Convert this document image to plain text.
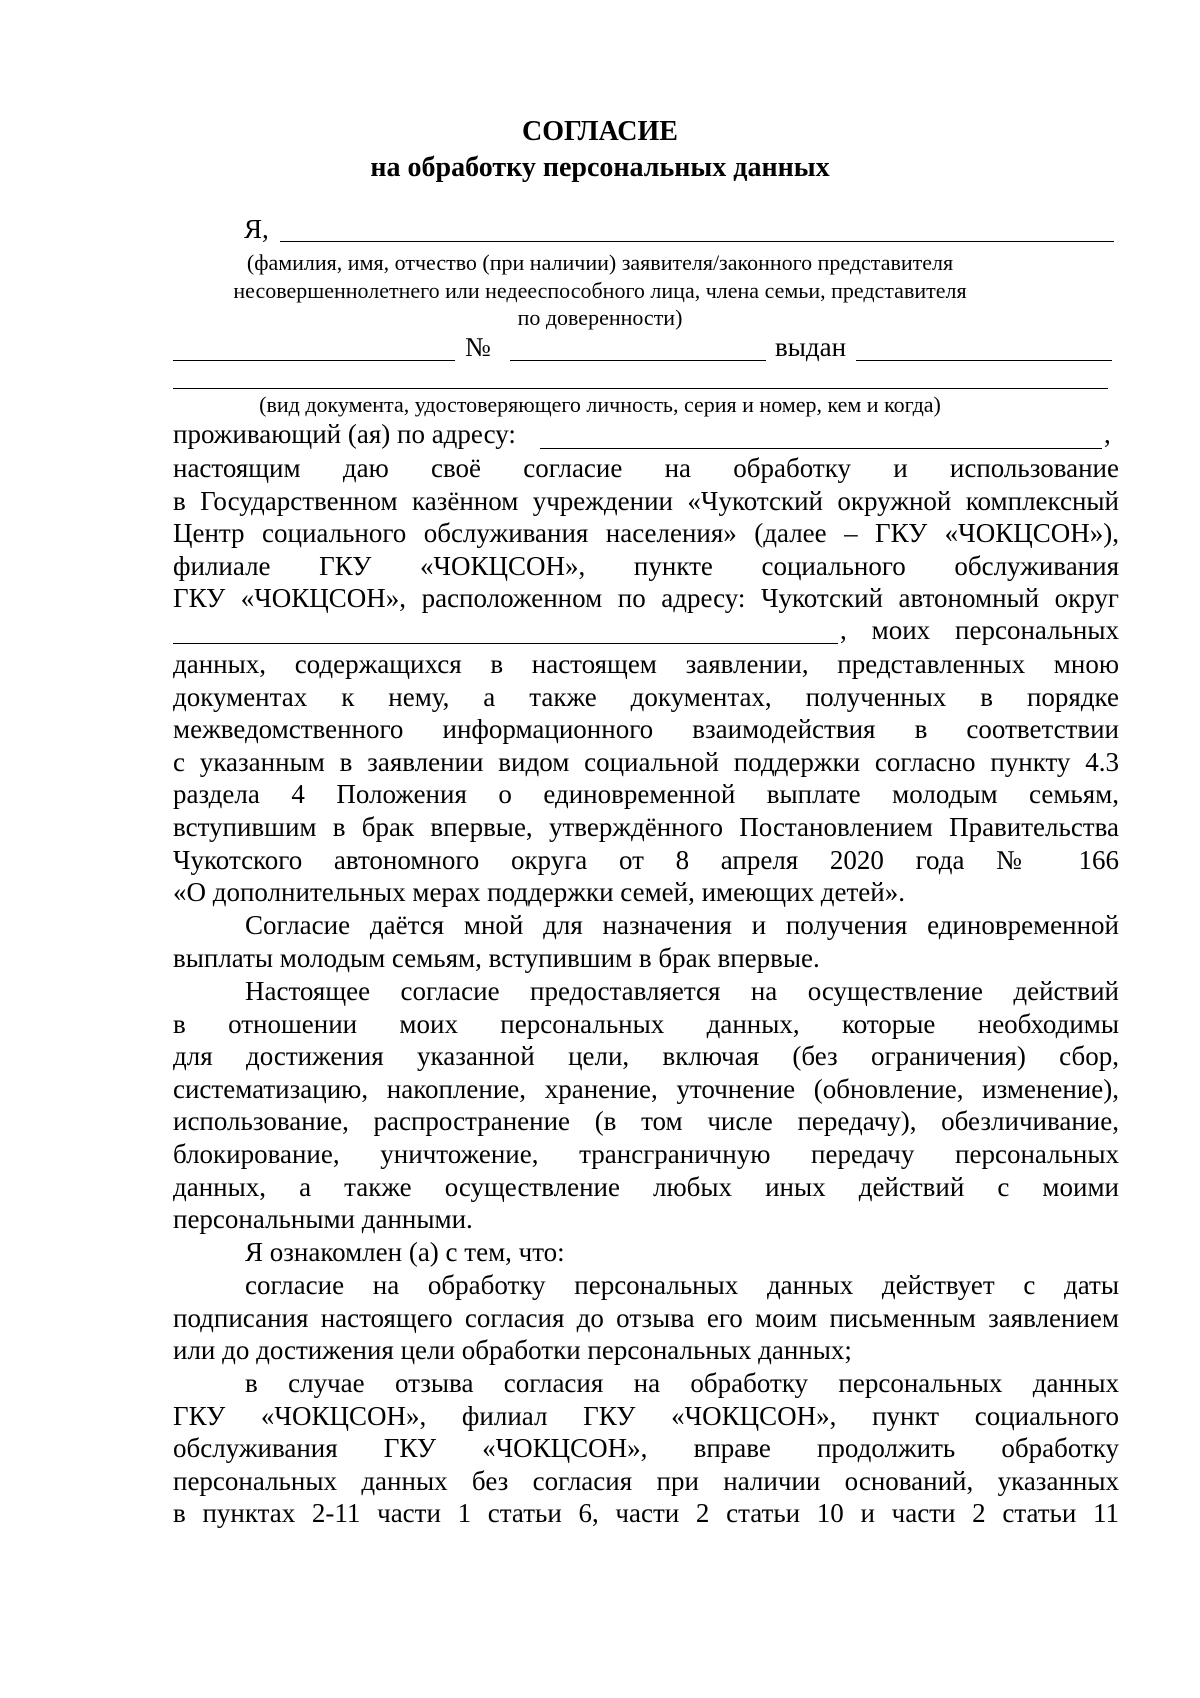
СОГЛАСИЕ
на обработку персональных данных
Я,
(фамилия, имя, отчество (при наличии) заявителя/законного представителя
несовершеннолетнего или недееспособного лица, члена семьи, представителя
по доверенности)
№	выдан
(вид документа, удостоверяющего личность, серия и номер, кем и когда)
проживающий (ая) по адресу:	,
настоящим даю своё согласие на обработку и использование
в Государственном казённом учреждении «Чукотский окружной комплексный
Центр социального обслуживания населения» (далее – ГКУ «ЧОКЦСОН»),
филиале ГКУ «ЧОКЦСОН», пункте социального обслуживания
ГКУ «ЧОКЦСОН», расположенном по адресу: Чукотский автономный округ
, моих персональных
данных, содержащихся в настоящем заявлении, представленных мною
документах к нему, а также документах, полученных в порядке
межведомственного информационного взаимодействия в соответствии
с указанным в заявлении видом социальной поддержки согласно пункту 4.3
раздела 4 Положения о единовременной выплате молодым семьям,
вступившим в брак впервые, утверждённого Постановлением Правительства
Чукотского автономного округа от 8 апреля 2020 года № 166
«О дополнительных мерах поддержки семей, имеющих детей».
Согласие даётся мной для назначения и получения единовременной
выплаты молодым семьям, вступившим в брак впервые.
Настоящее согласие предоставляется на осуществление действий
в отношении моих персональных данных, которые необходимы
для достижения указанной цели, включая (без ограничения) сбор,
систематизацию, накопление, хранение, уточнение (обновление, изменение),
использование, распространение (в том числе передачу), обезличивание,
блокирование, уничтожение, трансграничную передачу персональных
данных, а также осуществление любых иных действий с моими
персональными данными.
Я ознакомлен (а) с тем, что:
согласие на обработку персональных данных действует с даты
подписания настоящего согласия до отзыва его моим письменным заявлением
или до достижения цели обработки персональных данных;
в случае отзыва согласия на обработку персональных данных
ГКУ «ЧОКЦСОН», филиал ГКУ «ЧОКЦСОН», пункт социального
обслуживания ГКУ «ЧОКЦСОН», вправе продолжить обработку
персональных данных без согласия при наличии оснований, указанных
в пунктах 2-11 части 1 статьи 6, части 2 статьи 10 и части 2 статьи 11
